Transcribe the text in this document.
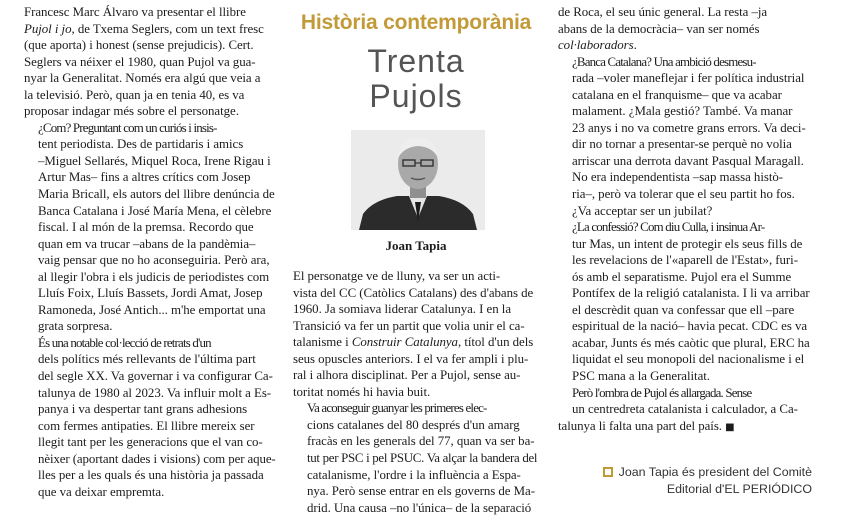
Francesc Marc Álvaro va presentar el llibre
Pujol i jo, de Txema Seglers, com un text fresc
(que aporta) i honest (sense prejudicis). Cert.
Seglers va néixer el 1980, quan Pujol va gua-
nyar la Generalitat. Només era algú que veia a
la televisió. Però, quan ja en tenia 40, es va
proposar indagar més sobre el personatge.

¿Com? Preguntant com un curiós i insis-
tent periodista. Des de partidaris i amics
–Miguel Sellarés, Miquel Roca, Irene Rigau i
Artur Mas– fins a altres crítics com Josep
Maria Bricall, els autors del llibre denúncia de
Banca Catalana i José María Mena, el cèlebre
fiscal. I al món de la premsa. Recordo que
quan em va trucar –abans de la pandèmia–
vaig pensar que no ho aconseguiria. Però ara,
al llegir l'obra i els judicis de periodistes com
Lluís Foix, Lluís Bassets, Jordi Amat, Josep
Ramoneda, José Antich... m'he emportat una
grata sorpresa.

És una notable col·lecció de retrats d'un
dels polítics més rellevants de l'última part
del segle XX. Va governar i va configurar Ca-
talunya de 1980 al 2023. Va influir molt a Es-
panya i va despertar tant grans adhesions
com fermes antipaties. El llibre mereix ser
llegit tant per les generacions que el van co-
nèixer (aportant dades i visions) com per aque-
lles per a les quals és una història ja passada
que va deixar empremta.

Història contemporània
Trenta
Pujols
Joan Tapia

El personatge ve de lluny, va ser un acti-
vista del CC (Catòlics Catalans) des d'abans de
1960. Ja somiava liderar Catalunya. I en la
Transició va fer un partit que volia unir el ca-
talanisme i Construir Catalunya, títol d'un dels
seus opuscles anteriors. I el va fer ampli i plu-
ral i alhora disciplinat. Per a Pujol, sense au-
toritat només hi havia buit.

Va aconseguir guanyar les primeres elec-
cions catalanes del 80 després d'un amarg
fracàs en les generals del 77, quan va ser ba-
tut per PSC i pel PSUC. Va alçar la bandera del
catalanisme, l'ordre i la influència a Espa-
nya. Però sense entrar en els governs de Ma-
drid. Una causa –no l'única– de la separació

de Roca, el seu únic general. La resta –ja
abans de la democràcia– van ser només
col·laboradors.

¿Banca Catalana? Una ambició desmesu-
rada –voler maneflejar i fer política industrial
catalana en el franquisme– que va acabar
malament. ¿Mala gestió? També. Va manar
23 anys i no va cometre grans errors. Va deci-
dir no tornar a presentar-se perquè no volia
arriscar una derrota davant Pasqual Maragall.
No era independentista –sap massa histò-
ria–, però va tolerar que el seu partit ho fos.
¿Va acceptar ser un jubilat?

¿La confessió? Com diu Culla, i insinua Ar-
tur Mas, un intent de protegir els seus fills de
les revelacions de l'«aparell de l'Estat», furi-
ós amb el separatisme. Pujol era el Summe
Pontífex de la religió catalanista. I li va arribar
el descrèdit quan va confessar que ell –pare
espiritual de la nació– havia pecat. CDC es va
acabar, Junts és més caòtic que plural, ERC ha
liquidat el seu monopoli del nacionalisme i el
PSC mana a la Generalitat.

Però l'ombra de Pujol és allargada. Sense
un centredreta catalanista i calculador, a Ca-
talunya li falta una part del país. ■

Joan Tapia és president del Comitè
Editorial d'EL PERIÓDICO
